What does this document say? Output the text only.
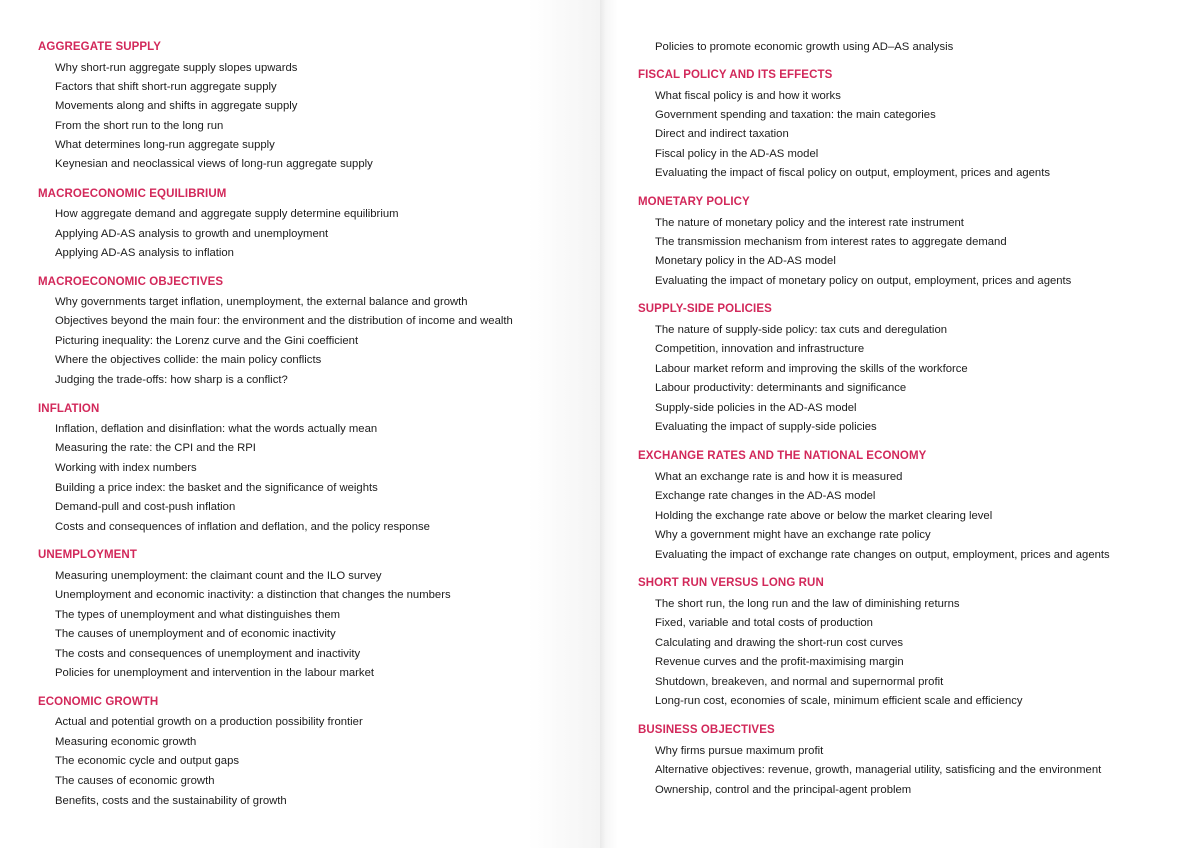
AGGREGATE SUPPLY
Why short-run aggregate supply slopes upwards
Factors that shift short-run aggregate supply
Movements along and shifts in aggregate supply
From the short run to the long run
What determines long-run aggregate supply
Keynesian and neoclassical views of long-run aggregate supply
MACROECONOMIC EQUILIBRIUM
How aggregate demand and aggregate supply determine equilibrium
Applying AD-AS analysis to growth and unemployment
Applying AD-AS analysis to inflation
MACROECONOMIC OBJECTIVES
Why governments target inflation, unemployment, the external balance and growth
Objectives beyond the main four: the environment and the distribution of income and wealth
Picturing inequality: the Lorenz curve and the Gini coefficient
Where the objectives collide: the main policy conflicts
Judging the trade-offs: how sharp is a conflict?
INFLATION
Inflation, deflation and disinflation: what the words actually mean
Measuring the rate: the CPI and the RPI
Working with index numbers
Building a price index: the basket and the significance of weights
Demand-pull and cost-push inflation
Costs and consequences of inflation and deflation, and the policy response
UNEMPLOYMENT
Measuring unemployment: the claimant count and the ILO survey
Unemployment and economic inactivity: a distinction that changes the numbers
The types of unemployment and what distinguishes them
The causes of unemployment and of economic inactivity
The costs and consequences of unemployment and inactivity
Policies for unemployment and intervention in the labour market
ECONOMIC GROWTH
Actual and potential growth on a production possibility frontier
Measuring economic growth
The economic cycle and output gaps
The causes of economic growth
Benefits, costs and the sustainability of growth
Policies to promote economic growth using AD–AS analysis
FISCAL POLICY AND ITS EFFECTS
What fiscal policy is and how it works
Government spending and taxation: the main categories
Direct and indirect taxation
Fiscal policy in the AD-AS model
Evaluating the impact of fiscal policy on output, employment, prices and agents
MONETARY POLICY
The nature of monetary policy and the interest rate instrument
The transmission mechanism from interest rates to aggregate demand
Monetary policy in the AD-AS model
Evaluating the impact of monetary policy on output, employment, prices and agents
SUPPLY-SIDE POLICIES
The nature of supply-side policy: tax cuts and deregulation
Competition, innovation and infrastructure
Labour market reform and improving the skills of the workforce
Labour productivity: determinants and significance
Supply-side policies in the AD-AS model
Evaluating the impact of supply-side policies
EXCHANGE RATES AND THE NATIONAL ECONOMY
What an exchange rate is and how it is measured
Exchange rate changes in the AD-AS model
Holding the exchange rate above or below the market clearing level
Why a government might have an exchange rate policy
Evaluating the impact of exchange rate changes on output, employment, prices and agents
SHORT RUN VERSUS LONG RUN
The short run, the long run and the law of diminishing returns
Fixed, variable and total costs of production
Calculating and drawing the short-run cost curves
Revenue curves and the profit-maximising margin
Shutdown, breakeven, and normal and supernormal profit
Long-run cost, economies of scale, minimum efficient scale and efficiency
BUSINESS OBJECTIVES
Why firms pursue maximum profit
Alternative objectives: revenue, growth, managerial utility, satisficing and the environment
Ownership, control and the principal-agent problem
